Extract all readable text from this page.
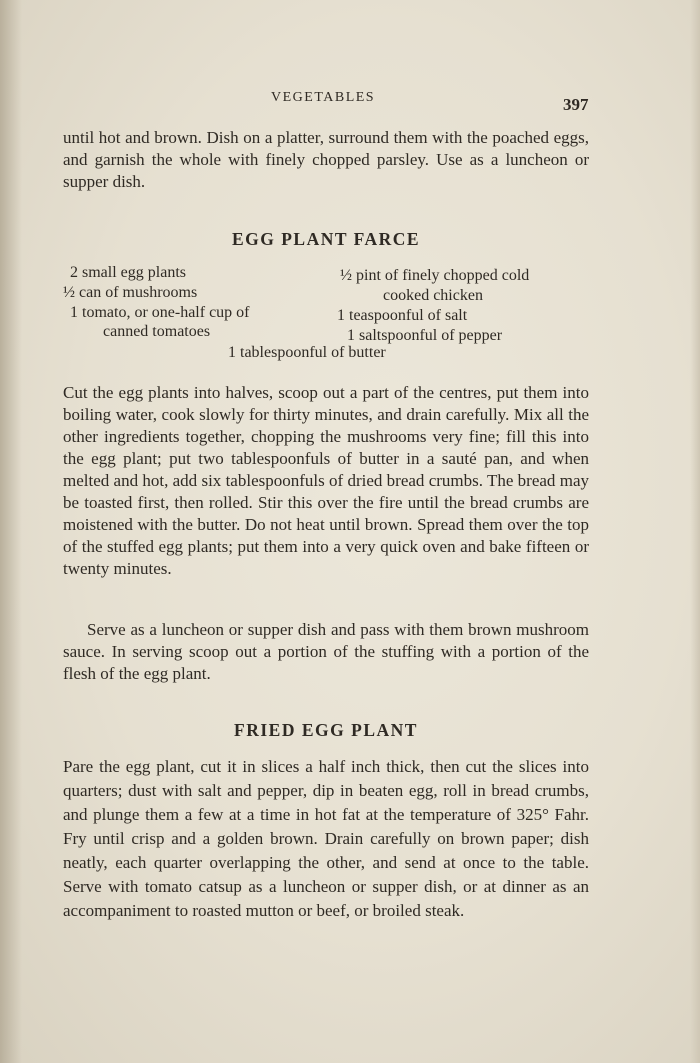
VEGETABLES	397
until hot and brown. Dish on a platter, surround them with the poached eggs, and garnish the whole with finely chopped parsley. Use as a luncheon or supper dish.
EGG PLANT FARCE
2 small egg plants
½ can of mushrooms
1 tomato, or one-half cup of
canned tomatoes
½ pint of finely chopped cold
cooked chicken
1 teaspoonful of salt
1 saltspoonful of pepper
1 tablespoonful of butter
Cut the egg plants into halves, scoop out a part of the centres, put them into boiling water, cook slowly for thirty minutes, and drain carefully. Mix all the other ingredients together, chopping the mushrooms very fine; fill this into the egg plant; put two tablespoonfuls of butter in a sauté pan, and when melted and hot, add six tablespoonfuls of dried bread crumbs. The bread may be toasted first, then rolled. Stir this over the fire until the bread crumbs are moistened with the butter. Do not heat until brown. Spread them over the top of the stuffed egg plants; put them into a very quick oven and bake fifteen or twenty minutes.
Serve as a luncheon or supper dish and pass with them brown mushroom sauce. In serving scoop out a portion of the stuffing with a portion of the flesh of the egg plant.
FRIED EGG PLANT
Pare the egg plant, cut it in slices a half inch thick, then cut the slices into quarters; dust with salt and pepper, dip in beaten egg, roll in bread crumbs, and plunge them a few at a time in hot fat at the temperature of 325° Fahr. Fry until crisp and a golden brown. Drain carefully on brown paper; dish neatly, each quarter overlapping the other, and send at once to the table. Serve with tomato catsup as a luncheon or supper dish, or at dinner as an accompaniment to roasted mutton or beef, or broiled steak.
